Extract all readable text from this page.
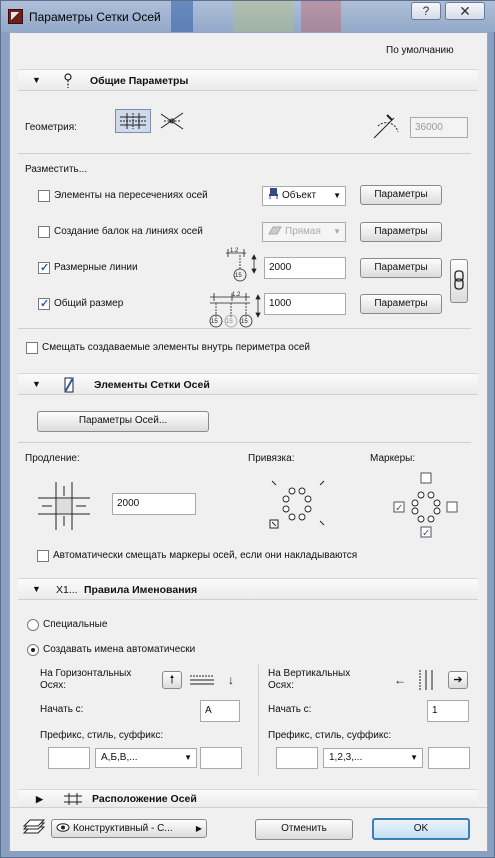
Параметры Сетки Осей	?	✕
По умолчанию
▼	Общие Параметры
Геометрия:	36000
Разместить...
Элементы на пересечениях осей	Объект ▼	Параметры
Создание балок на линиях осей	Прямая ▼	Параметры
✓
Размерные линии
1.2
15
2000	Параметры
✓
Общий размер
1.2
15 15 15
1000	Параметры
Смещать создаваемые элементы внутрь периметра осей
▼	Элементы Сетки Осей
Параметры Осей...
Продление:	Привязка:	Маркеры:
2000	✓
✓
Автоматически смещать маркеры осей, если они накладываются
▼ X1... Правила Именования
Специальные
Создавать имена автоматически
На Горизонтальных
Осях:	🠕	↓
Начать с:	A
Префикс, стиль, суффикс:
А,Б,В,...	▼
На Вертикальных
Осях:	←	➔
Начать с:	1
Префикс, стиль, суффикс:
1,2,3,...	▼
▶	Расположение Осей
Конструктивный - С...	▶	Отменить	OK
